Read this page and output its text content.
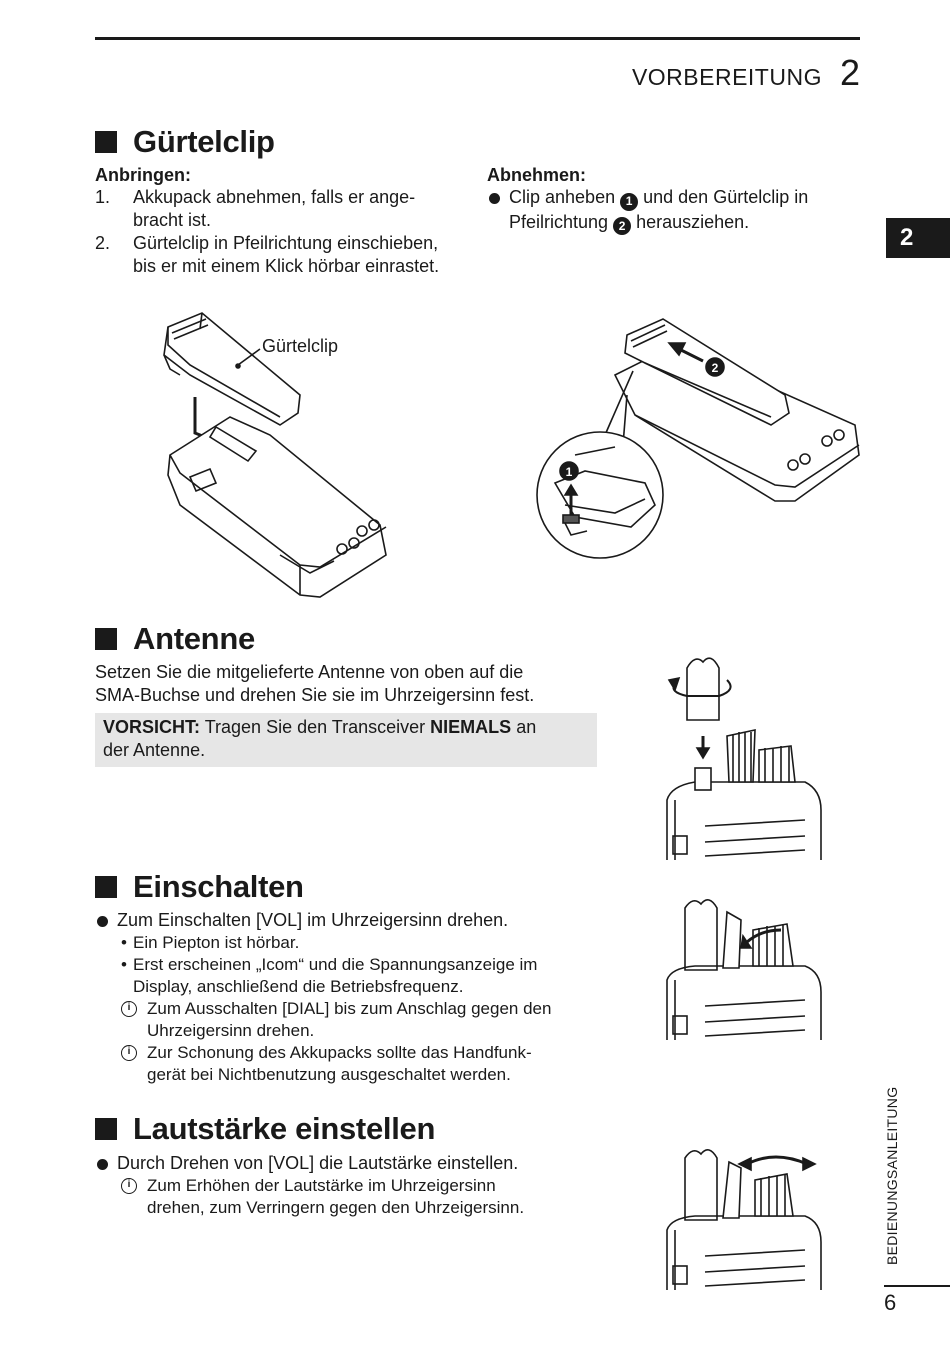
VORBEREITUNG 2
2
Gürtelclip
Anbringen:
1.	Akkupack abnehmen, falls er ange-
bracht ist.
2.	Gürtelclip in Pfeilrichtung einschieben,
bis er mit einem Klick hörbar einrastet.
Abnehmen:
Clip anheben 1 und den Gürtelclip in
Pfeilrichtung 2 herausziehen.
Gürtelclip
2
1
Antenne
Setzen Sie die mitgelieferte Antenne von oben auf die
SMA-Buchse und drehen Sie sie im Uhrzeigersinn fest.
VORSICHT: Tragen Sie den Transceiver NIEMALS an
der Antenne.
Einschalten
Zum Einschalten [VOL] im Uhrzeigersinn drehen.
• Ein Piepton ist hörbar.
• Erst erscheinen „Icom“ und die Spannungsanzeige im
Display, anschließend die Betriebsfrequenz.
i
Zum Ausschalten [DIAL] bis zum Anschlag gegen den
Uhrzeigersinn drehen.
i
Zur Schonung des Akkupacks sollte das Handfunk-
gerät bei Nichtbenutzung ausgeschaltet werden.
Lautstärke einstellen
Durch Drehen von [VOL] die Lautstärke einstellen.
i
Zum Erhöhen der Lautstärke im Uhrzeigersinn
drehen, zum Verringern gegen den Uhrzeigersinn.	BEDIENUNGSANLEITUNG
6
